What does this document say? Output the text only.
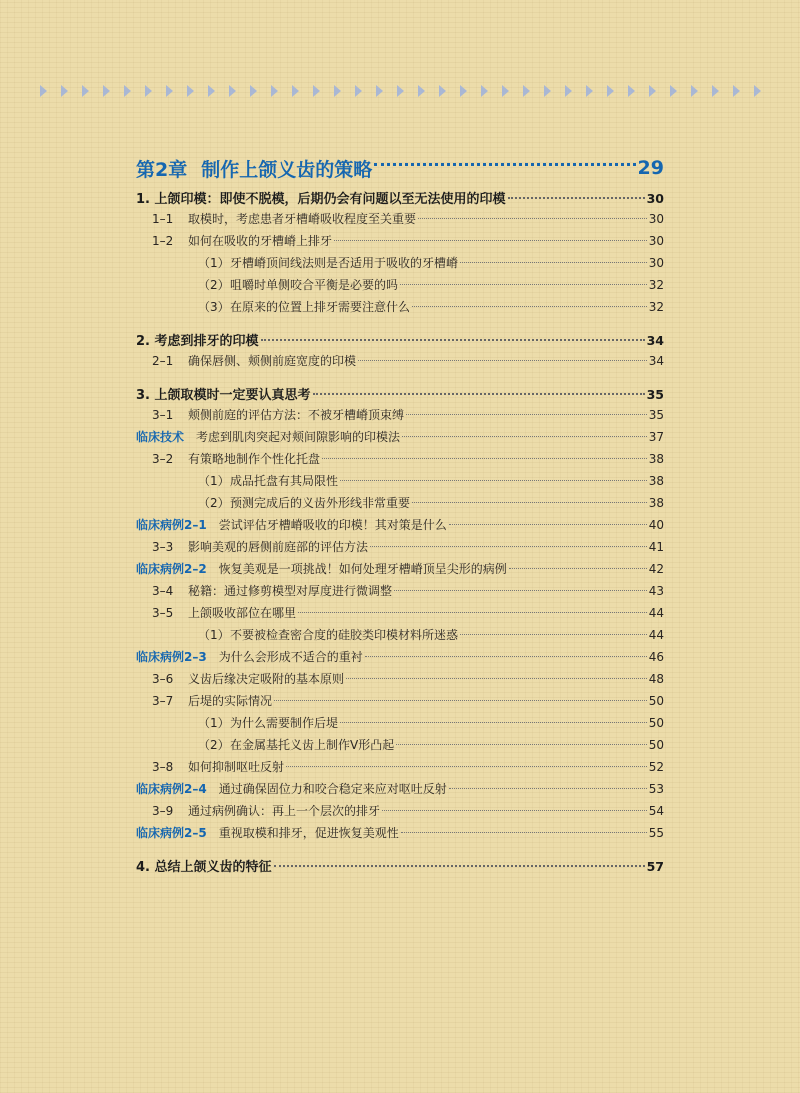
第2章 制作上颌义齿的策略	29
1. 上颌印模：即使不脱模，后期仍会有问题以至无法使用的印模	30
1–1	取模时，考虑患者牙槽嵴吸收程度至关重要	30
1–2	如何在吸收的牙槽嵴上排牙	30
（1） 牙槽嵴顶间线法则是否适用于吸收的牙槽嵴	30
（2） 咀嚼时单侧咬合平衡是必要的吗	32
（3） 在原来的位置上排牙需要注意什么	32
2. 考虑到排牙的印模	34
2–1	确保唇侧、颊侧前庭宽度的印模	34
3. 上颌取模时一定要认真思考	35
3–1	颊侧前庭的评估方法：不被牙槽嵴顶束缚	35
临床技术 考虑到肌肉突起对颊间隙影响的印模法	37
3–2	有策略地制作个性化托盘	38
（1） 成品托盘有其局限性	38
（2） 预测完成后的义齿外形线非常重要	38
临床病例2–1 尝试评估牙槽嵴吸收的印模！其对策是什么	40
3–3	影响美观的唇侧前庭部的评估方法	41
临床病例2–2 恢复美观是一项挑战！如何处理牙槽嵴顶呈尖形的病例	42
3–4	秘籍：通过修剪模型对厚度进行微调整	43
3–5	上颌吸收部位在哪里	44
（1） 不要被检查密合度的硅胶类印模材料所迷惑	44
临床病例2–3 为什么会形成不适合的重衬	46
3–6	义齿后缘决定吸附的基本原则	48
3–7	后堤的实际情况	50
（1） 为什么需要制作后堤	50
（2） 在金属基托义齿上制作V形凸起	50
3–8	如何抑制呕吐反射	52
临床病例2–4 通过确保固位力和咬合稳定来应对呕吐反射	53
3–9	通过病例确认：再上一个层次的排牙	54
临床病例2–5 重视取模和排牙，促进恢复美观性	55
4. 总结上颌义齿的特征	57
